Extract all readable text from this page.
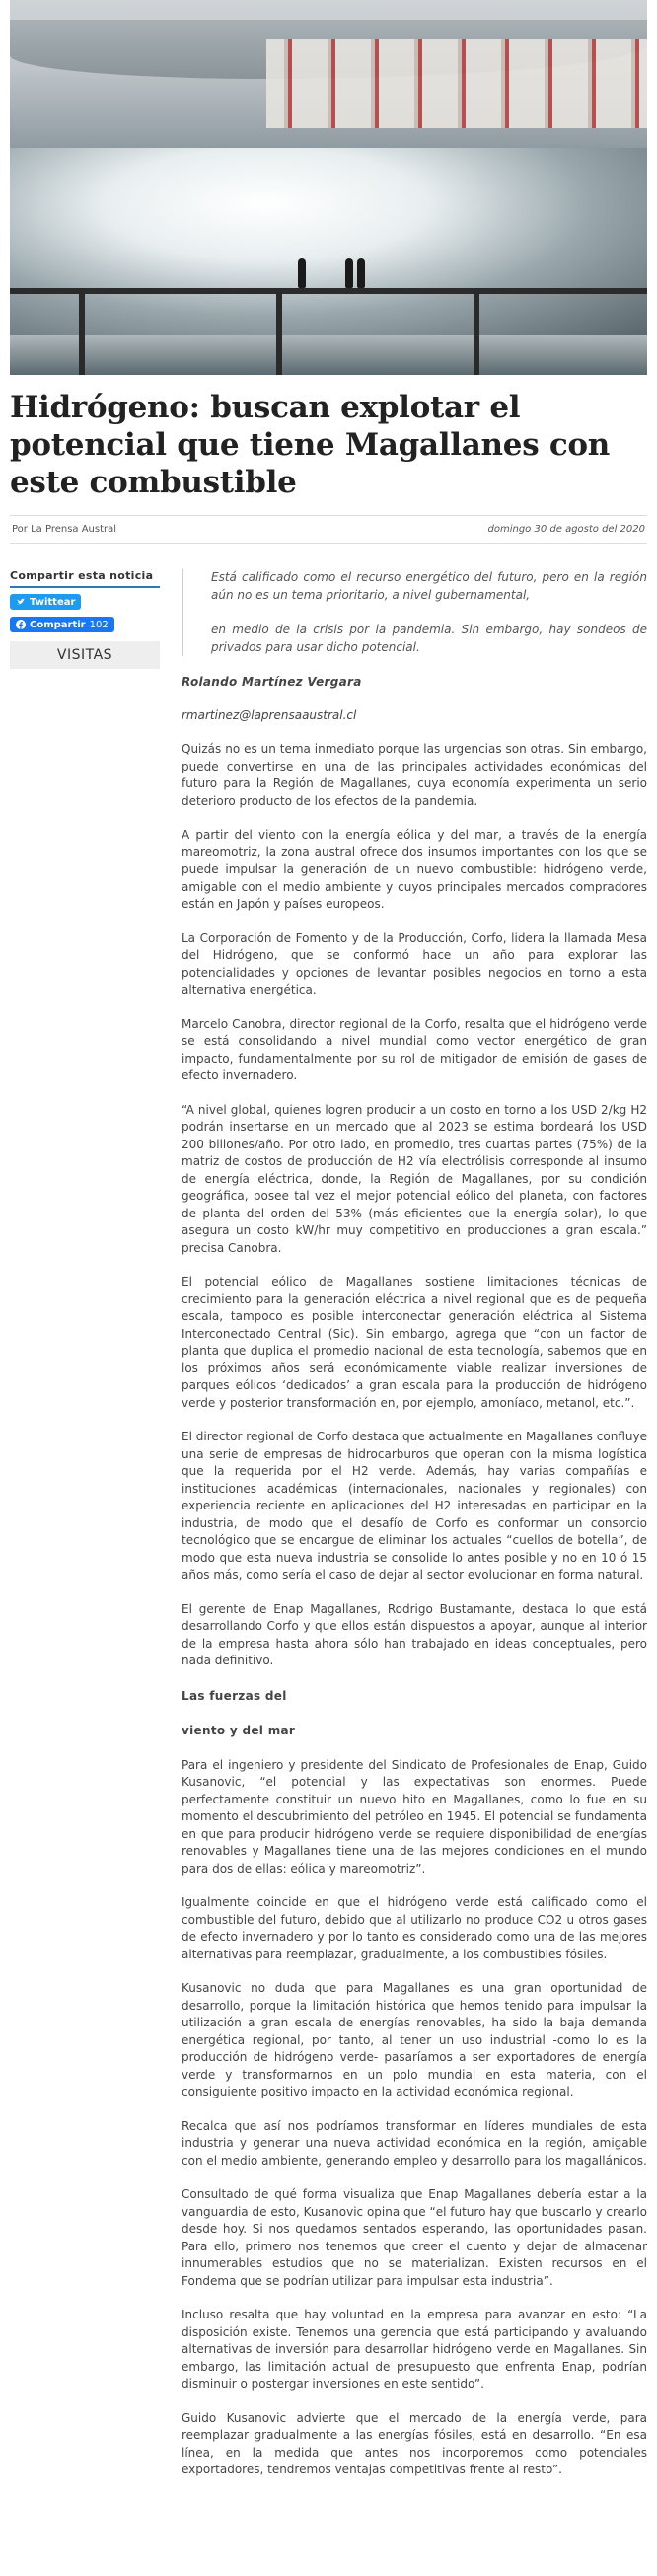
Hidrógeno: buscan explotar el potencial que tiene Magallanes con este combustible
Por La Prensa Austral	domingo 30 de agosto del 2020
Compartir esta noticia
Twittear
Compartir 102
VISITAS

Está calificado como el recurso energético del futuro, pero en la región aún no es un tema prioritario, a nivel gubernamental,

en medio de la crisis por la pandemia. Sin embargo, hay sondeos de privados para usar dicho potencial.

Rolando Martínez Vergara
rmartinez@laprensaaustral.cl

Quizás no es un tema inmediato porque las urgencias son otras. Sin embargo, puede convertirse en una de las principales actividades económicas del futuro para la Región de Magallanes, cuya economía experimenta un serio deterioro producto de los efectos de la pandemia.

A partir del viento con la energía eólica y del mar, a través de la energía mareomotriz, la zona austral ofrece dos insumos importantes con los que se puede impulsar la generación de un nuevo combustible: hidrógeno verde, amigable con el medio ambiente y cuyos principales mercados compradores están en Japón y países europeos.

La Corporación de Fomento y de la Producción, Corfo, lidera la llamada Mesa del Hidrógeno, que se conformó hace un año para explorar las potencialidades y opciones de levantar posibles negocios en torno a esta alternativa energética.

Marcelo Canobra, director regional de la Corfo, resalta que el hidrógeno verde se está consolidando a nivel mundial como vector energético de gran impacto, fundamentalmente por su rol de mitigador de emisión de gases de efecto invernadero.

“A nivel global, quienes logren producir a un costo en torno a los USD 2/kg H2 podrán insertarse en un mercado que al 2023 se estima bordeará los USD 200 billones/año. Por otro lado, en promedio, tres cuartas partes (75%) de la matriz de costos de producción de H2 vía electrólisis corresponde al insumo de energía eléctrica, donde, la Región de Magallanes, por su condición geográfica, posee tal vez el mejor potencial eólico del planeta, con factores de planta del orden del 53% (más eficientes que la energía solar), lo que asegura un costo kW/hr muy competitivo en producciones a gran escala.” precisa Canobra.

El potencial eólico de Magallanes sostiene limitaciones técnicas de crecimiento para la generación eléctrica a nivel regional que es de pequeña escala, tampoco es posible interconectar generación eléctrica al Sistema Interconectado Central (Sic). Sin embargo, agrega que “con un factor de planta que duplica el promedio nacional de esta tecnología, sabemos que en los próximos años será económicamente viable realizar inversiones de parques eólicos ‘dedicados’ a gran escala para la producción de hidrógeno verde y posterior transformación en, por ejemplo, amoníaco, metanol, etc.”.

El director regional de Corfo destaca que actualmente en Magallanes confluye una serie de empresas de hidrocarburos que operan con la misma logística que la requerida por el H2 verde. Además, hay varias compañías e instituciones académicas (internacionales, nacionales y regionales) con experiencia reciente en aplicaciones del H2 interesadas en participar en la industria, de modo que el desafío de Corfo es conformar un consorcio tecnológico que se encargue de eliminar los actuales “cuellos de botella”, de modo que esta nueva industria se consolide lo antes posible y no en 10 ó 15 años más, como sería el caso de dejar al sector evolucionar en forma natural.

El gerente de Enap Magallanes, Rodrigo Bustamante, destaca lo que está desarrollando Corfo y que ellos están dispuestos a apoyar, aunque al interior de la empresa hasta ahora sólo han trabajado en ideas conceptuales, pero nada definitivo.

Las fuerzas del
viento y del mar

Para el ingeniero y presidente del Sindicato de Profesionales de Enap, Guido Kusanovic, “el potencial y las expectativas son enormes. Puede perfectamente constituir un nuevo hito en Magallanes, como lo fue en su momento el descubrimiento del petróleo en 1945. El potencial se fundamenta en que para producir hidrógeno verde se requiere disponibilidad de energías renovables y Magallanes tiene una de las mejores condiciones en el mundo para dos de ellas: eólica y mareomotriz”.

Igualmente coincide en que el hidrógeno verde está calificado como el combustible del futuro, debido que al utilizarlo no produce CO2 u otros gases de efecto invernadero y por lo tanto es considerado como una de las mejores alternativas para reemplazar, gradualmente, a los combustibles fósiles.

Kusanovic no duda que para Magallanes es una gran oportunidad de desarrollo, porque la limitación histórica que hemos tenido para impulsar la utilización a gran escala de energías renovables, ha sido la baja demanda energética regional, por tanto, al tener un uso industrial -como lo es la producción de hidrógeno verde- pasaríamos a ser exportadores de energía verde y transformarnos en un polo mundial en esta materia, con el consiguiente positivo impacto en la actividad económica regional.

Recalca que así nos podríamos transformar en líderes mundiales de esta industria y generar una nueva actividad económica en la región, amigable con el medio ambiente, generando empleo y desarrollo para los magallánicos.

Consultado de qué forma visualiza que Enap Magallanes debería estar a la vanguardia de esto, Kusanovic opina que “el futuro hay que buscarlo y crearlo desde hoy. Si nos quedamos sentados esperando, las oportunidades pasan. Para ello, primero nos tenemos que creer el cuento y dejar de almacenar innumerables estudios que no se materializan. Existen recursos en el Fondema que se podrían utilizar para impulsar esta industria”.

Incluso resalta que hay voluntad en la empresa para avanzar en esto: “La disposición existe. Tenemos una gerencia que está participando y avaluando alternativas de inversión para desarrollar hidrógeno verde en Magallanes. Sin embargo, las limitación actual de presupuesto que enfrenta Enap, podrían disminuir o postergar inversiones en este sentido”.

Guido Kusanovic advierte que el mercado de la energía verde, para reemplazar gradualmente a las energías fósiles, está en desarrollo. “En esa línea, en la medida que antes nos incorporemos como potenciales exportadores, tendremos ventajas competitivas frente al resto”.
